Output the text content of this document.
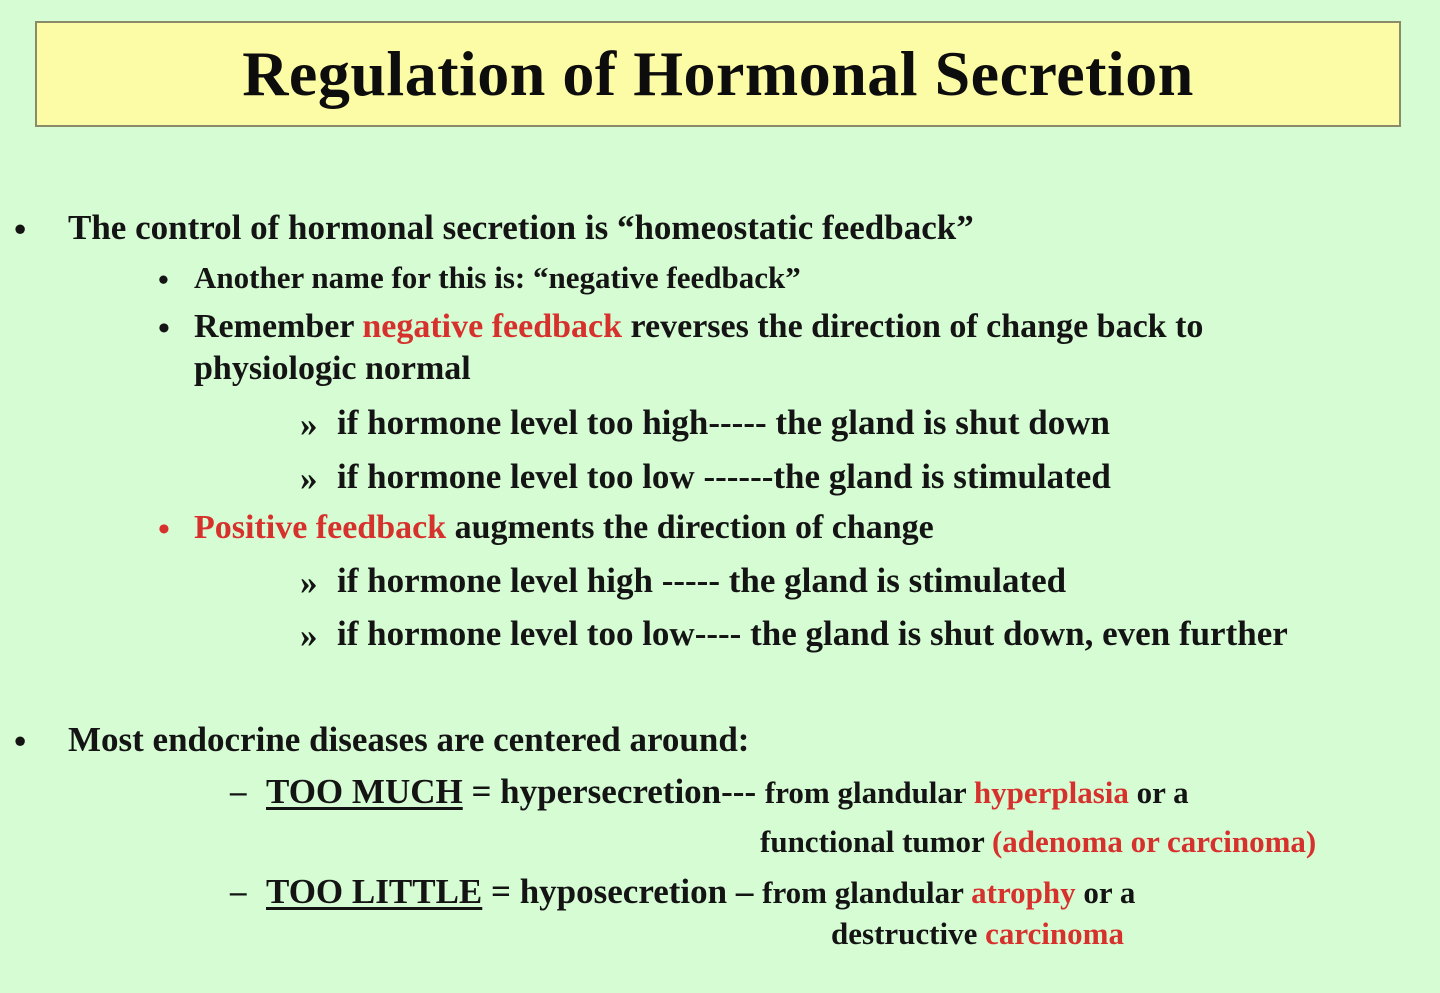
Regulation of Hormonal Secretion
• The control of hormonal secretion is “homeostatic feedback”
• Another name for this is: “negative feedback”
• Remember negative feedback reverses the direction of change back to
physiologic normal
» if hormone level too high----- the gland is shut down
» if hormone level too low ------the gland is stimulated
• Positive feedback augments the direction of change
» if hormone level high ----- the gland is stimulated
» if hormone level too low---- the gland is shut down, even further
• Most endocrine diseases are centered around:
– TOO MUCH = hypersecretion--- from glandular hyperplasia or a
functional tumor (adenoma or carcinoma)
– TOO LITTLE = hyposecretion – from glandular atrophy or a
destructive carcinoma
